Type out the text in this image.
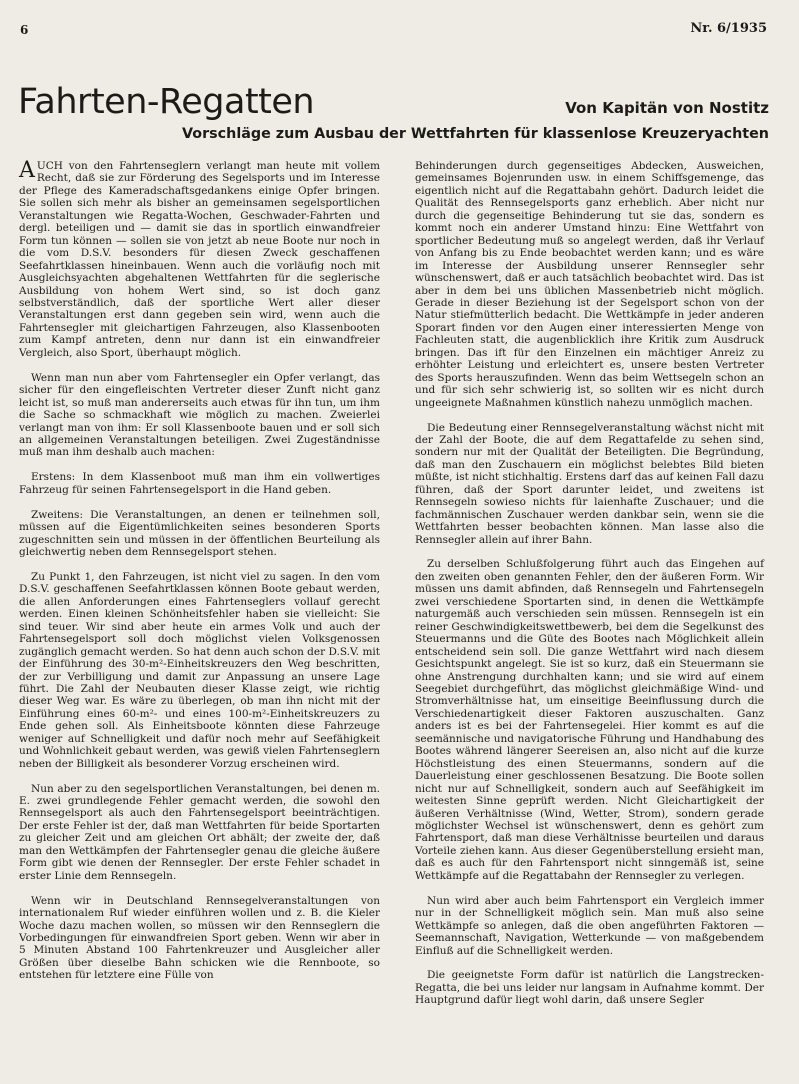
6	Nr. 6/1935
Fahrten-Regatten	Von Kapitän von Nostitz
Vorschläge zum Ausbau der Wettfahrten für klassenlose Kreuzeryachten

AUCH von den Fahrtenseglern verlangt man heute mit vollem Recht, daß sie zur Förderung des Segelsports und im Interesse der Pflege des Kameradschaftsgedankens einige Opfer bringen. Sie sollen sich mehr als bisher an gemeinsamen segelsportlichen Veranstaltungen wie Regatta-Wochen, Geschwader-Fahrten und dergl. beteiligen und — damit sie das in sportlich einwandfreier Form tun können — sollen sie von jetzt ab neue Boote nur noch in die vom D.S.V. besonders für diesen Zweck geschaffenen Seefahrtklassen hineinbauen. Wenn auch die vorläufig noch mit Ausgleichsyachten abgehaltenen Wettfahrten für die seglerische Ausbildung von hohem Wert sind, so ist doch ganz selbstverständlich, daß der sportliche Wert aller dieser Veranstaltungen erst dann gegeben sein wird, wenn auch die Fahrtensegler mit gleichartigen Fahrzeugen, also Klassenbooten zum Kampf antreten, denn nur dann ist ein einwandfreier Vergleich, also Sport, überhaupt möglich.

Wenn man nun aber vom Fahrtensegler ein Opfer verlangt, das sicher für den eingefleischten Vertreter dieser Zunft nicht ganz leicht ist, so muß man andererseits auch etwas für ihn tun, um ihm die Sache so schmackhaft wie möglich zu machen. Zweierlei verlangt man von ihm: Er soll Klassenboote bauen und er soll sich an allgemeinen Veranstaltungen beteiligen. Zwei Zugeständnisse muß man ihm deshalb auch machen:

Erstens: In dem Klassenboot muß man ihm ein vollwertiges Fahrzeug für seinen Fahrtensegelsport in die Hand geben.

Zweitens: Die Veranstaltungen, an denen er teilnehmen soll, müssen auf die Eigentümlichkeiten seines besonderen Sports zugeschnitten sein und müssen in der öffentlichen Beurteilung als gleichwertig neben dem Rennsegelsport stehen.

Zu Punkt 1, den Fahrzeugen, ist nicht viel zu sagen. In den vom D.S.V. geschaffenen Seefahrtklassen können Boote gebaut werden, die allen Anforderungen eines Fahrtenseglers vollauf gerecht werden. Einen kleinen Schönheitsfehler haben sie vielleicht: Sie sind teuer. Wir sind aber heute ein armes Volk und auch der Fahrtensegelsport soll doch möglichst vielen Volksgenossen zugänglich gemacht werden. So hat denn auch schon der D.S.V. mit der Einführung des 30-m²-Einheitskreuzers den Weg beschritten, der zur Verbilligung und damit zur Anpassung an unsere Lage führt. Die Zahl der Neubauten dieser Klasse zeigt, wie richtig dieser Weg war. Es wäre zu überlegen, ob man ihn nicht mit der Einführung eines 60-m²- und eines 100-m²-Einheitskreuzers zu Ende gehen soll. Als Einheitsboote könnten diese Fahrzeuge weniger auf Schnelligkeit und dafür noch mehr auf Seefähigkeit und Wohnlichkeit gebaut werden, was gewiß vielen Fahrtenseglern neben der Billigkeit als besonderer Vorzug erscheinen wird.

Nun aber zu den segelsportlichen Veranstaltungen, bei denen m. E. zwei grundlegende Fehler gemacht werden, die sowohl den Rennsegelsport als auch den Fahrtensegelsport beeinträchtigen. Der erste Fehler ist der, daß man Wettfahrten für beide Sportarten zu gleicher Zeit und am gleichen Ort abhält; der zweite der, daß man den Wettkämpfen der Fahrtensegler genau die gleiche äußere Form gibt wie denen der Rennsegler. Der erste Fehler schadet in erster Linie dem Rennsegeln.

Wenn wir in Deutschland Rennsegelveranstaltungen von internationalem Ruf wieder einführen wollen und z. B. die Kieler Woche dazu machen wollen, so müssen wir den Rennseglern die Vorbedingungen für einwandfreien Sport geben. Wenn wir aber in 5 Minuten Abstand 100 Fahrtenkreuzer und Ausgleicher aller Größen über dieselbe Bahn schicken wie die Rennboote, so entstehen für letztere eine Fülle von

Behinderungen durch gegenseitiges Abdecken, Ausweichen, gemeinsames Bojenrunden usw. in einem Schiffsgemenge, das eigentlich nicht auf die Regattabahn gehört. Dadurch leidet die Qualität des Rennsegelsports ganz erheblich. Aber nicht nur durch die gegenseitige Behinderung tut sie das, sondern es kommt noch ein anderer Umstand hinzu: Eine Wettfahrt von sportlicher Bedeutung muß so angelegt werden, daß ihr Verlauf von Anfang bis zu Ende beobachtet werden kann; und es wäre im Interesse der Ausbildung unserer Rennsegler sehr wünschenswert, daß er auch tatsächlich beobachtet wird. Das ist aber in dem bei uns üblichen Massenbetrieb nicht möglich. Gerade in dieser Beziehung ist der Segelsport schon von der Natur stiefmütterlich bedacht. Die Wettkämpfe in jeder anderen Sporart finden vor den Augen einer interessierten Menge von Fachleuten statt, die augenblicklich ihre Kritik zum Ausdruck bringen. Das ift für den Einzelnen ein mächtiger Anreiz zu erhöhter Leistung und erleichtert es, unsere besten Vertreter des Sports herauszufinden. Wenn das beim Wettsegeln schon an und für sich sehr schwierig ist, so sollten wir es nicht durch ungeeignete Maßnahmen künstlich nahezu unmöglich machen.

Die Bedeutung einer Rennsegelveranstaltung wächst nicht mit der Zahl der Boote, die auf dem Regattafelde zu sehen sind, sondern nur mit der Qualität der Beteiligten. Die Begründung, daß man den Zuschauern ein möglichst belebtes Bild bieten müßte, ist nicht stichhaltig. Erstens darf das auf keinen Fall dazu führen, daß der Sport darunter leidet, und zweitens ist Rennsegeln sowieso nichts für laienhafte Zuschauer; und die fachmännischen Zuschauer werden dankbar sein, wenn sie die Wettfahrten besser beobachten können. Man lasse also die Rennsegler allein auf ihrer Bahn.

Zu derselben Schlußfolgerung führt auch das Eingehen auf den zweiten oben genannten Fehler, den der äußeren Form. Wir müssen uns damit abfinden, daß Rennsegeln und Fahrtensegeln zwei verschiedene Sportarten sind, in denen die Wettkämpfe naturgemäß auch verschieden sein müssen. Rennsegeln ist ein reiner Geschwindigkeitswettbewerb, bei dem die Segelkunst des Steuermanns und die Güte des Bootes nach Möglichkeit allein entscheidend sein soll. Die ganze Wettfahrt wird nach diesem Gesichtspunkt angelegt. Sie ist so kurz, daß ein Steuermann sie ohne Anstrengung durchhalten kann; und sie wird auf einem Seegebiet durchgeführt, das möglichst gleichmäßige Wind- und Stromverhältnisse hat, um einseitige Beeinflussung durch die Verschiedenartigkeit dieser Faktoren auszuschalten. Ganz anders ist es bei der Fahrtensegelei. Hier kommt es auf die seemännische und navigatorische Führung und Handhabung des Bootes während längerer Seereisen an, also nicht auf die kurze Höchstleistung des einen Steuermanns, sondern auf die Dauerleistung einer geschlossenen Besatzung. Die Boote sollen nicht nur auf Schnelligkeit, sondern auch auf Seefähigkeit im weitesten Sinne geprüft werden. Nicht Gleichartigkeit der äußeren Verhältnisse (Wind, Wetter, Strom), sondern gerade möglichster Wechsel ist wünschenswert, denn es gehört zum Fahrtensport, daß man diese Verhältnisse beurteilen und daraus Vorteile ziehen kann. Aus dieser Gegenüberstellung ersieht man, daß es auch für den Fahrtensport nicht sinngemäß ist, seine Wettkämpfe auf die Regattabahn der Rennsegler zu verlegen.

Nun wird aber auch beim Fahrtensport ein Vergleich immer nur in der Schnelligkeit möglich sein. Man muß also seine Wettkämpfe so anlegen, daß die oben angeführten Faktoren — Seemannschaft, Navigation, Wetterkunde — von maßgebendem Einfluß auf die Schnelligkeit werden.

Die geeignetste Form dafür ist natürlich die Langstrecken-Regatta, die bei uns leider nur langsam in Aufnahme kommt. Der Hauptgrund dafür liegt wohl darin, daß unsere Segler
